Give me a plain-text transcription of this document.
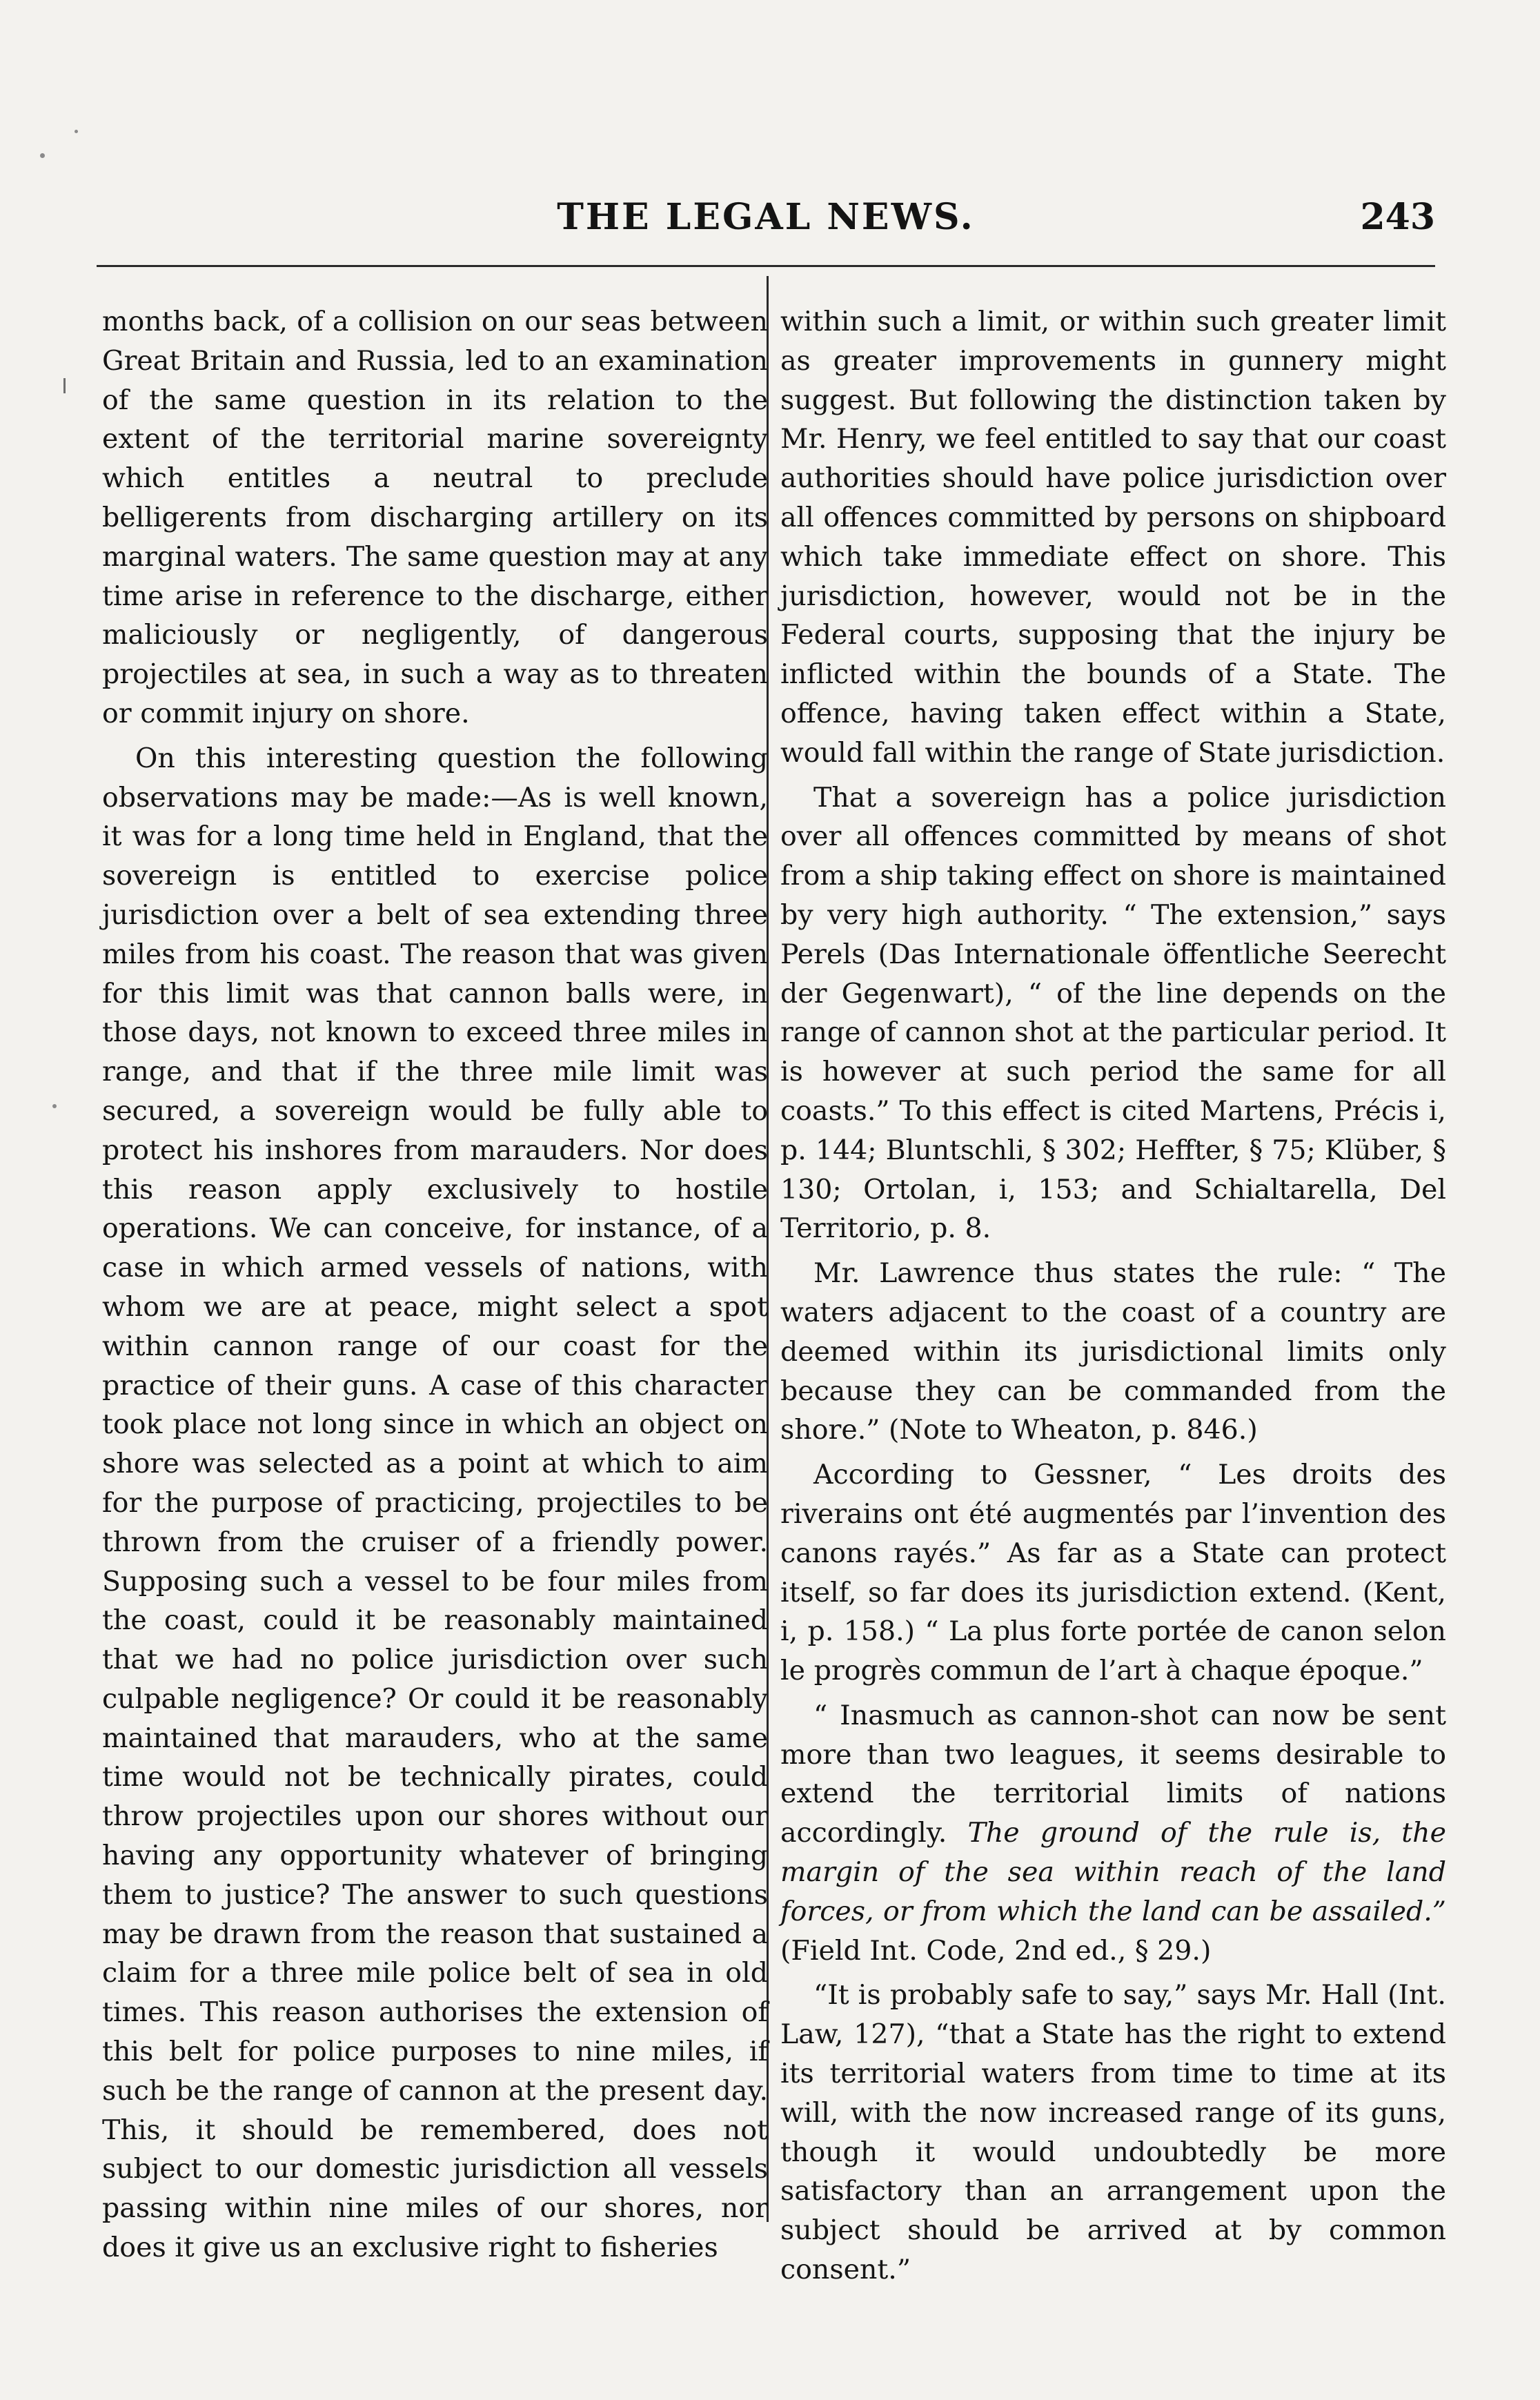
THE LEGAL NEWS.	243

months back, of a collision on our seas between Great Britain and Russia, led to an examination of the same question in its relation to the extent of the territorial marine sovereignty which entitles a neutral to preclude belligerents from discharging artillery on its marginal waters. The same question may at any time arise in reference to the discharge, either maliciously or negligently, of dangerous projectiles at sea, in such a way as to threaten or commit injury on shore.

On this interesting question the following observations may be made:—As is well known, it was for a long time held in England, that the sovereign is entitled to exercise police jurisdiction over a belt of sea extending three miles from his coast. The reason that was given for this limit was that cannon balls were, in those days, not known to exceed three miles in range, and that if the three mile limit was secured, a sovereign would be fully able to protect his inshores from marauders. Nor does this reason apply exclusively to hostile operations. We can conceive, for instance, of a case in which armed vessels of nations, with whom we are at peace, might select a spot within cannon range of our coast for the practice of their guns. A case of this character took place not long since in which an object on shore was selected as a point at which to aim for the purpose of practicing, projectiles to be thrown from the cruiser of a friendly power. Supposing such a vessel to be four miles from the coast, could it be reasonably maintained that we had no police jurisdiction over such culpable negligence? Or could it be reasonably maintained that marauders, who at the same time would not be technically pirates, could throw projectiles upon our shores without our having any opportunity whatever of bringing them to justice? The answer to such questions may be drawn from the reason that sustained a claim for a three mile police belt of sea in old times. This reason authorises the extension of this belt for police purposes to nine miles, if such be the range of cannon at the present day. This, it should be remembered, does not subject to our domestic jurisdiction all vessels passing within nine miles of our shores, nor does it give us an exclusive right to fisheries

within such a limit, or within such greater limit as greater improvements in gunnery might suggest. But following the distinction taken by Mr. Henry, we feel entitled to say that our coast authorities should have police jurisdiction over all offences committed by persons on shipboard which take immediate effect on shore. This jurisdiction, however, would not be in the Federal courts, supposing that the injury be inflicted within the bounds of a State. The offence, having taken effect within a State, would fall within the range of State jurisdiction.

That a sovereign has a police jurisdiction over all offences committed by means of shot from a ship taking effect on shore is maintained by very high authority. “ The extension,” says Perels (Das Internationale öffentliche Seerecht der Gegenwart), “ of the line depends on the range of cannon shot at the particular period. It is however at such period the same for all coasts.” To this effect is cited Martens, Précis i, p. 144; Bluntschli, § 302; Heffter, § 75; Klüber, § 130; Ortolan, i, 153; and Schialtarella, Del Territorio, p. 8.

Mr. Lawrence thus states the rule: “ The waters adjacent to the coast of a country are deemed within its jurisdictional limits only because they can be commanded from the shore.” (Note to Wheaton, p. 846.)

According to Gessner, “ Les droits des riverains ont été augmentés par l’invention des canons rayés.” As far as a State can protect itself, so far does its jurisdiction extend. (Kent, i, p. 158.) “ La plus forte portée de canon selon le progrès commun de l’art à chaque époque.”

“ Inasmuch as cannon-shot can now be sent more than two leagues, it seems desirable to extend the territorial limits of nations accordingly. The ground of the rule is, the margin of the sea within reach of the land forces, or from which the land can be assailed.” (Field Int. Code, 2nd ed., § 29.)

“It is probably safe to say,” says Mr. Hall (Int. Law, 127), “that a State has the right to extend its territorial waters from time to time at its will, with the now increased range of its guns, though it would undoubtedly be more satisfactory than an arrangement upon the subject should be arrived at by common consent.”
